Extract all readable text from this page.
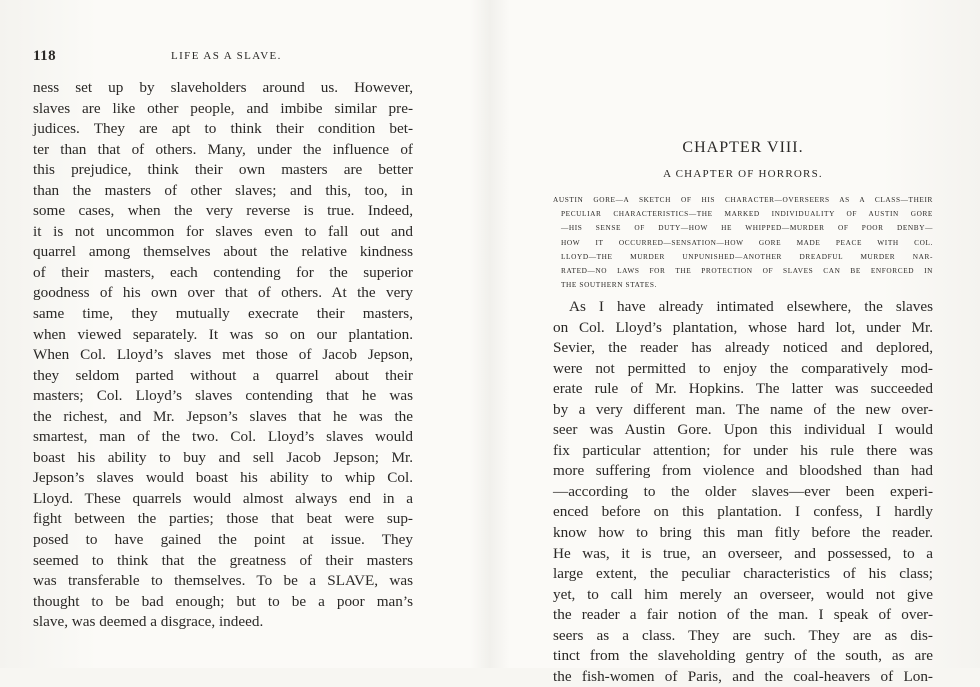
118	LIFE AS A SLAVE.
ness set up by slaveholders around us. However,
slaves are like other people, and imbibe similar pre-
judices. They are apt to think their condition bet-
ter than that of others. Many, under the influence of
this prejudice, think their own masters are better
than the masters of other slaves; and this, too, in
some cases, when the very reverse is true. Indeed,
it is not uncommon for slaves even to fall out and
quarrel among themselves about the relative kindness
of their masters, each contending for the superior
goodness of his own over that of others. At the very
same time, they mutually execrate their masters,
when viewed separately. It was so on our plantation.
When Col. Lloyd’s slaves met those of Jacob Jepson,
they seldom parted without a quarrel about their
masters; Col. Lloyd’s slaves contending that he was
the richest, and Mr. Jepson’s slaves that he was the
smartest, man of the two. Col. Lloyd’s slaves would
boast his ability to buy and sell Jacob Jepson; Mr.
Jepson’s slaves would boast his ability to whip Col.
Lloyd. These quarrels would almost always end in a
fight between the parties; those that beat were sup-
posed to have gained the point at issue. They
seemed to think that the greatness of their masters
was transferable to themselves. To be a SLAVE, was
thought to be bad enough; but to be a poor man’s
slave, was deemed a disgrace, indeed.
CHAPTER VIII.
A CHAPTER OF HORRORS.
AUSTIN GORE—A SKETCH OF HIS CHARACTER—OVERSEERS AS A CLASS—THEIR
PECULIAR CHARACTERISTICS—THE MARKED INDIVIDUALITY OF AUSTIN GORE
—HIS SENSE OF DUTY—HOW HE WHIPPED—MURDER OF POOR DENBY—
HOW IT OCCURRED—SENSATION—HOW GORE MADE PEACE WITH COL.
LLOYD—THE MURDER UNPUNISHED—ANOTHER DREADFUL MURDER NAR-
RATED—NO LAWS FOR THE PROTECTION OF SLAVES CAN BE ENFORCED IN
THE SOUTHERN STATES.
As I have already intimated elsewhere, the slaves
on Col. Lloyd’s plantation, whose hard lot, under Mr.
Sevier, the reader has already noticed and deplored,
were not permitted to enjoy the comparatively mod-
erate rule of Mr. Hopkins. The latter was succeeded
by a very different man. The name of the new over-
seer was Austin Gore. Upon this individual I would
fix particular attention; for under his rule there was
more suffering from violence and bloodshed than had
—according to the older slaves—ever been experi-
enced before on this plantation. I confess, I hardly
know how to bring this man fitly before the reader.
He was, it is true, an overseer, and possessed, to a
large extent, the peculiar characteristics of his class;
yet, to call him merely an overseer, would not give
the reader a fair notion of the man. I speak of over-
seers as a class. They are such. They are as dis-
tinct from the slaveholding gentry of the south, as are
the fish-women of Paris, and the coal-heavers of Lon-
